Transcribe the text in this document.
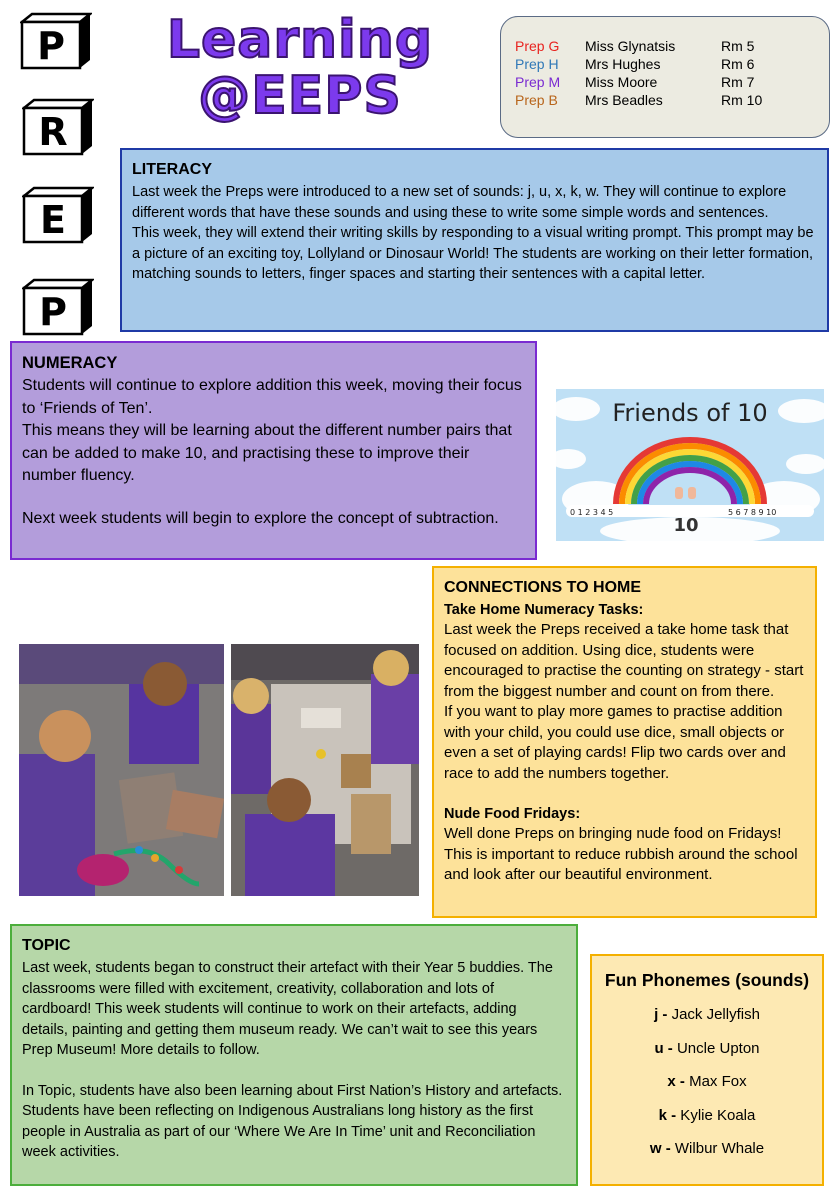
P
R
E
P
Learning
@EEPS
Prep G	Miss Glynatsis	Rm 5
Prep H	Mrs Hughes	Rm 6
Prep M	Miss Moore	Rm 7
Prep B	Mrs Beadles	Rm 10
LITERACY

Last week the Preps were introduced to a new set of sounds: j, u, x, k, w. They will continue to explore different words that have these sounds and using these to write some simple words and sentences.

This week, they will extend their writing skills by responding to a visual writing prompt. This prompt may be a picture of an exciting toy, Lollyland or Dinosaur World! The students are working on their letter formation, matching sounds to letters, finger spaces and starting their sentences with a capital letter.

NUMERACY

Students will continue to explore addition this week, moving their focus to ‘Friends of Ten’.

This means they will be learning about the different number pairs that can be added to make 10, and practising these to improve their number fluency.

Next week students will begin to explore the concept of subtraction.

Friends of 10
0 1 2 3 4 5	5 6 7 8 9 10
10
CONNECTIONS TO HOME
Take Home Numeracy Tasks:

Last week the Preps received a take home task that focused on addition. Using dice, students were encouraged to practise the counting on strategy - start from the biggest number and count on from there.

If you want to play more games to practise addition with your child, you could use dice, small objects or even a set of playing cards! Flip two cards over and race to add the numbers together.

Nude Food Fridays:

Well done Preps on bringing nude food on Fridays! This is important to reduce rubbish around the school and look after our beautiful environment.

TOPIC

Last week, students began to construct their artefact with their Year 5 buddies. The classrooms were filled with excitement, creativity, collaboration and lots of cardboard! This week students will continue to work on their artefacts, adding details, painting and getting them museum ready. We can’t wait to see this years Prep Museum! More details to follow.

In Topic, students have also been learning about First Nation’s History and artefacts. Students have been reflecting on Indigenous Australians long history as the first people in Australia as part of our ‘Where We Are In Time’ unit and Reconciliation week activities.

Fun Phonemes (sounds)
j - Jack Jellyfish
u - Uncle Upton
x - Max Fox
k - Kylie Koala
w - Wilbur Whale
